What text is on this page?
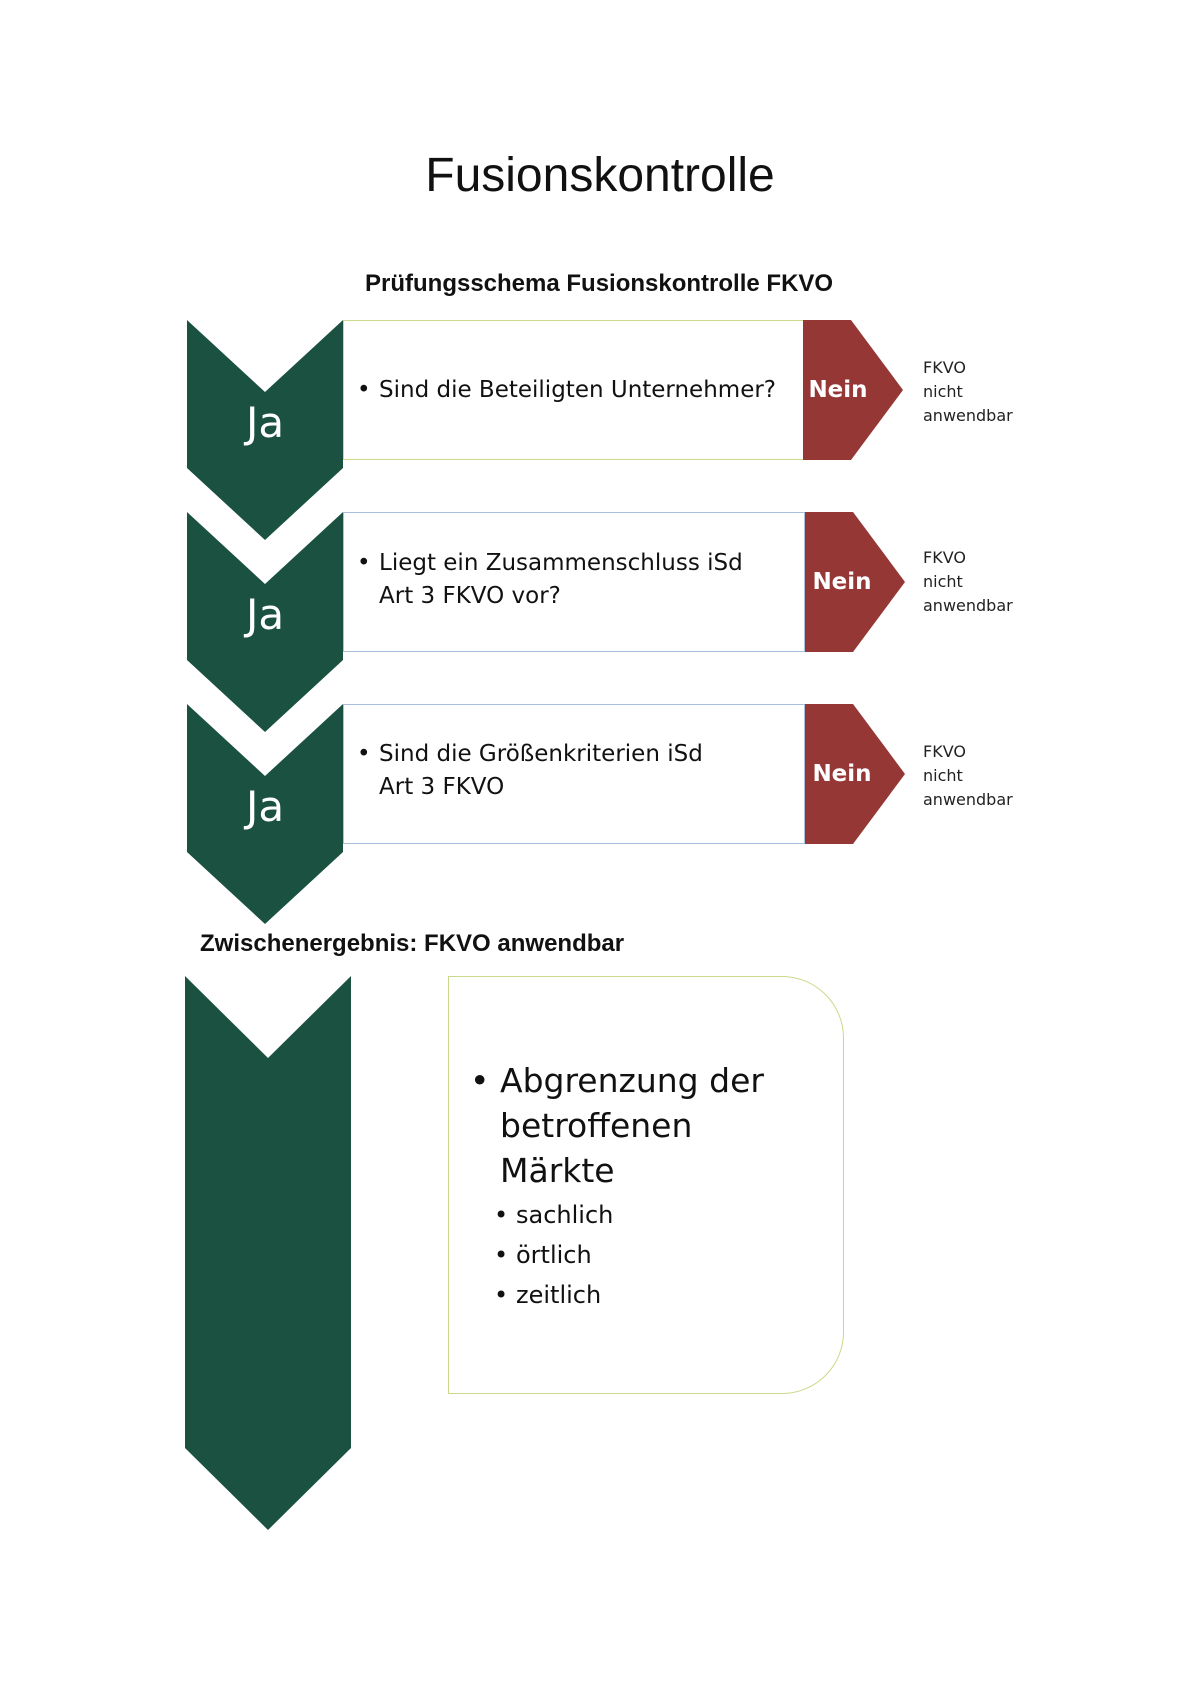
Fusionskontrolle
Prüfungsschema Fusionskontrolle FKVO
Ja
• Sind die Beteiligten Unternehmer?	Nein
FKVO
nicht
anwendbar
Ja
• Liegt ein Zusammenschluss iSd
Art 3 FKVO vor?
Nein
FKVO
nicht
anwendbar
Ja
• Sind die Größenkriterien iSd
Art 3 FKVO	Nein
FKVO
nicht
anwendbar
Zwischenergebnis: FKVO anwendbar
• Abgrenzung der
betroffenen
Märkte
• sachlich
• örtlich
• zeitlich
